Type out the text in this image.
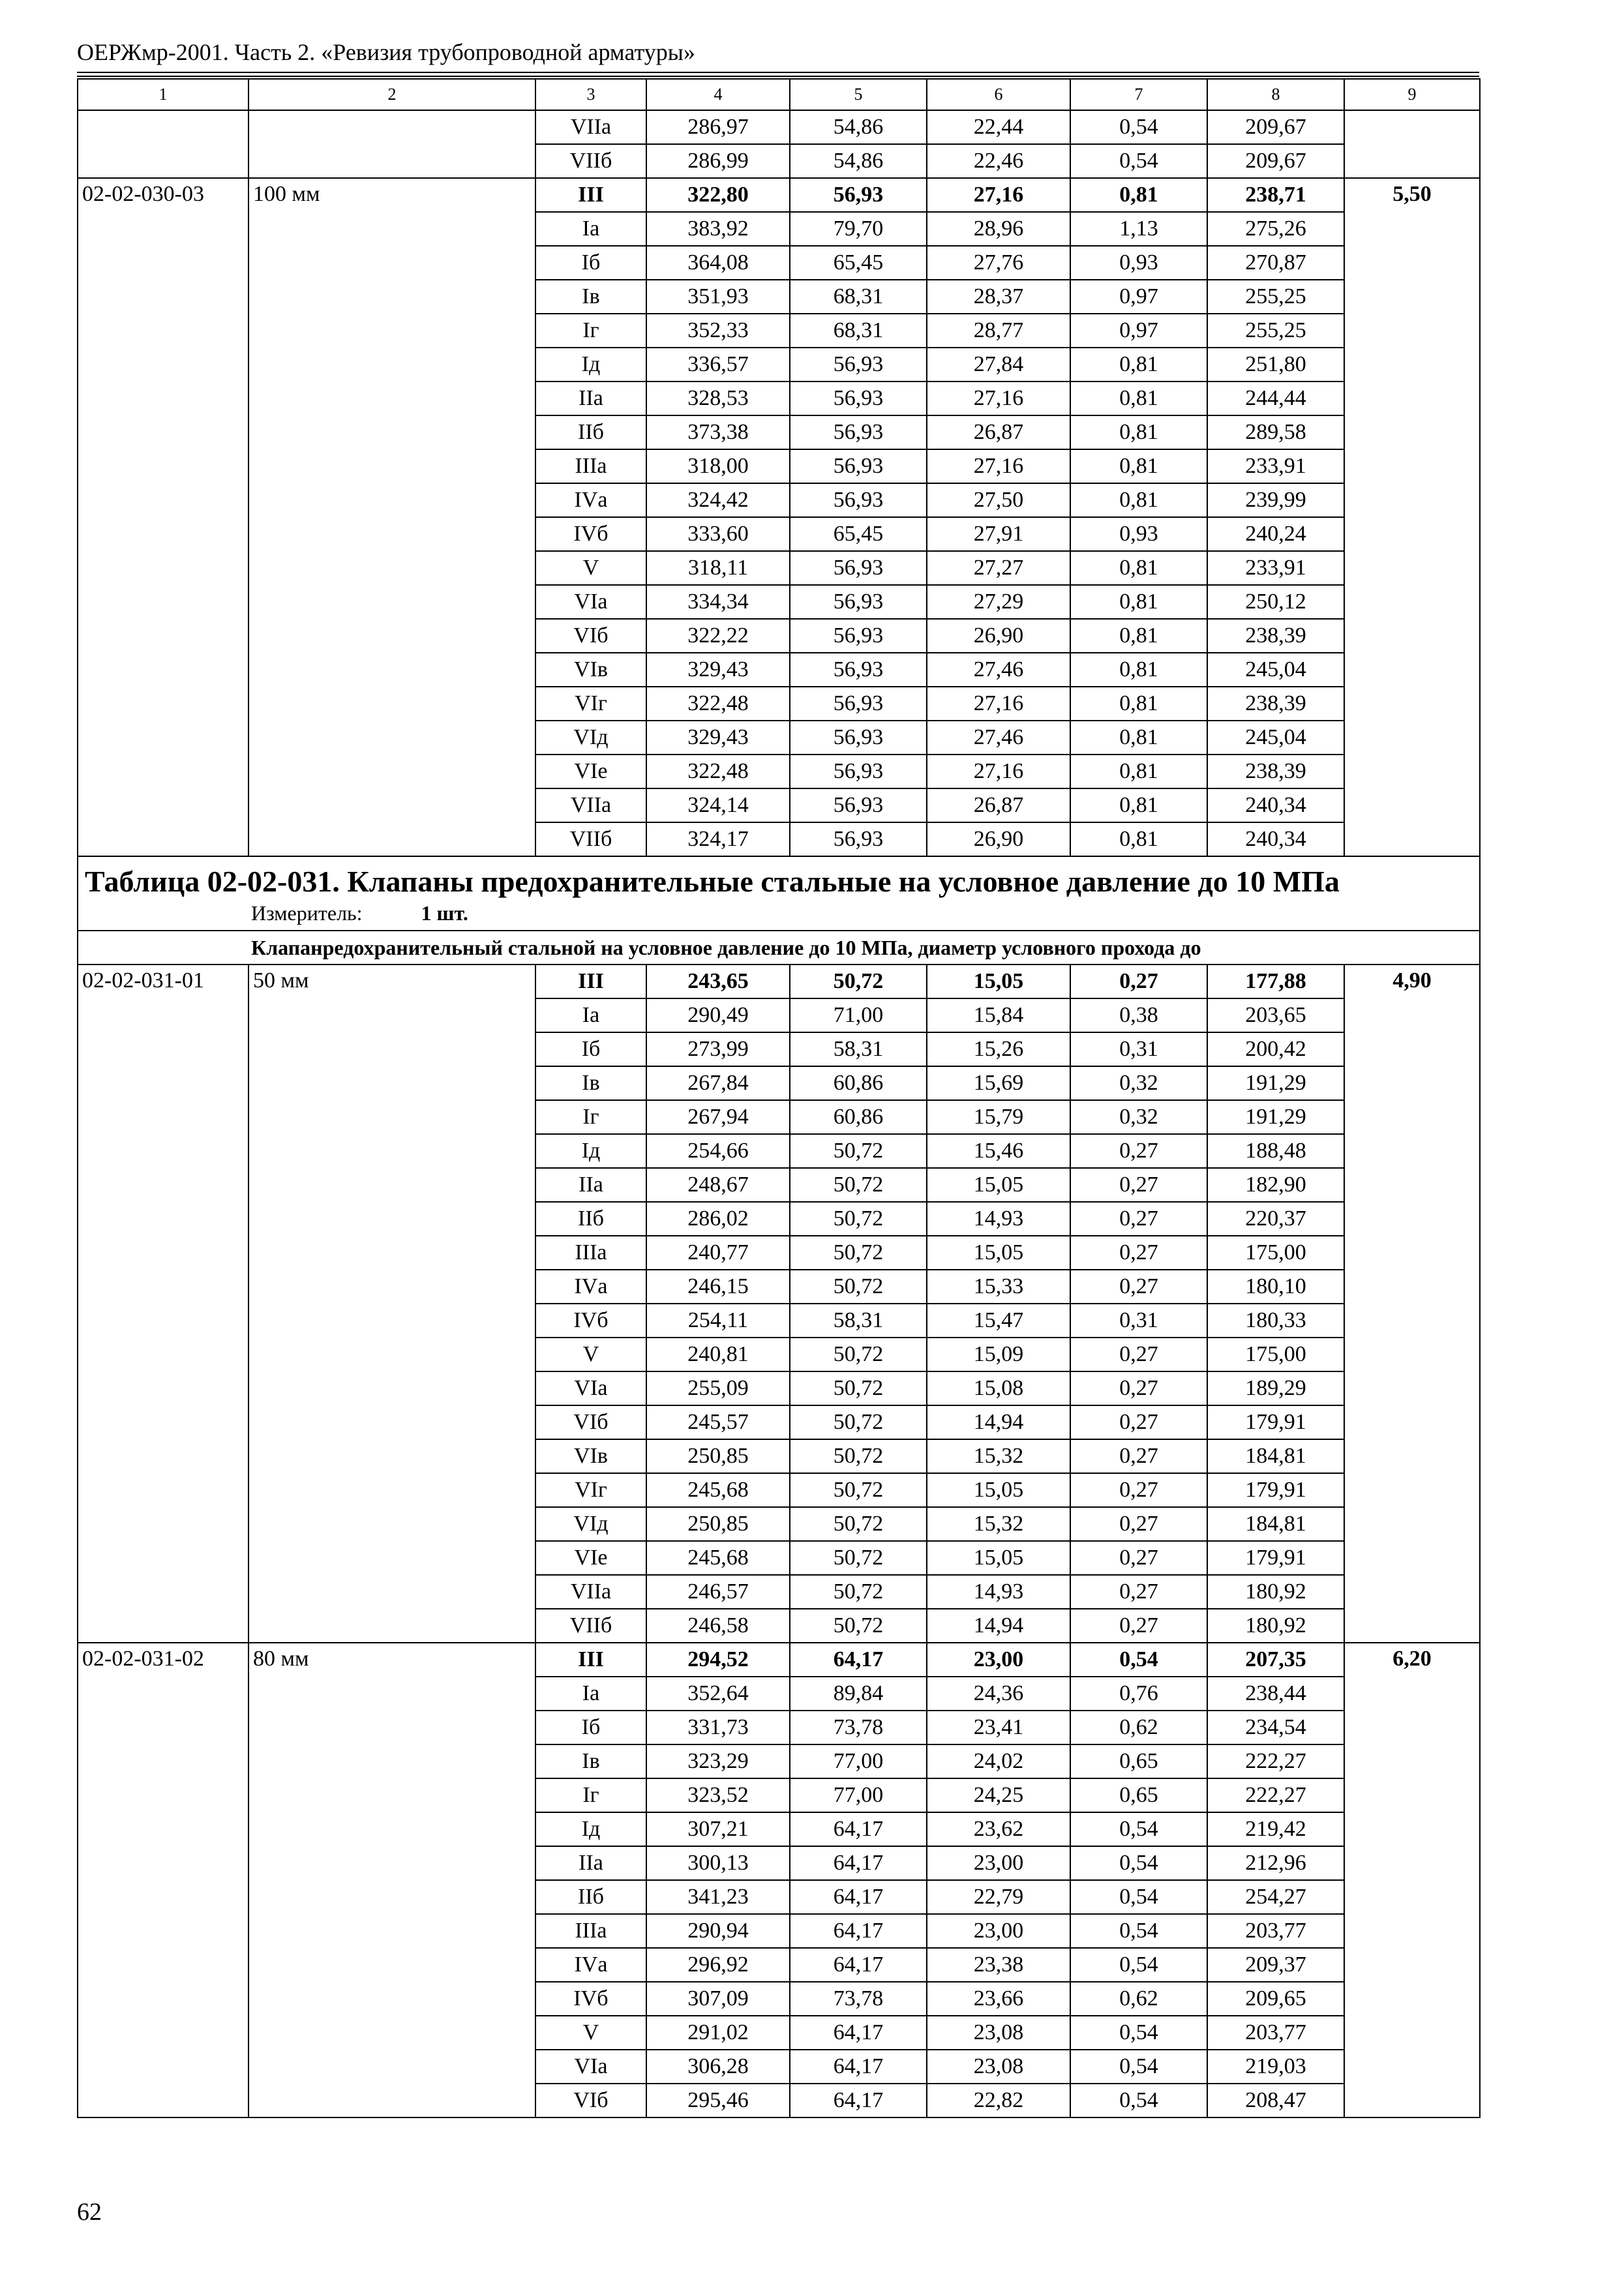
ОЕРЖмр-2001. Часть 2. «Ревизия трубопроводной арматуры»
1	2	3	4	5	6	7	8	9
		VIIа	286,97	54,86	22,44	0,54	209,67	
		VIIб	286,99	54,86	22,46	0,54	209,67	
02-02-030-03	100 мм	III	322,80	56,93	27,16	0,81	238,71	5,50
		Iа	383,92	79,70	28,96	1,13	275,26	
		Iб	364,08	65,45	27,76	0,93	270,87	
		Iв	351,93	68,31	28,37	0,97	255,25	
		Iг	352,33	68,31	28,77	0,97	255,25	
		Iд	336,57	56,93	27,84	0,81	251,80	
		IIа	328,53	56,93	27,16	0,81	244,44	
		IIб	373,38	56,93	26,87	0,81	289,58	
		IIIа	318,00	56,93	27,16	0,81	233,91	
		IVа	324,42	56,93	27,50	0,81	239,99	
		IVб	333,60	65,45	27,91	0,93	240,24	
		V	318,11	56,93	27,27	0,81	233,91	
		VIа	334,34	56,93	27,29	0,81	250,12	
		VIб	322,22	56,93	26,90	0,81	238,39	
		VIв	329,43	56,93	27,46	0,81	245,04	
		VIг	322,48	56,93	27,16	0,81	238,39	
		VIд	329,43	56,93	27,46	0,81	245,04	
		VIе	322,48	56,93	27,16	0,81	238,39	
		VIIа	324,14	56,93	26,87	0,81	240,34	
		VIIб	324,17	56,93	26,90	0,81	240,34	

Таблица 02-02-031. Клапаны предохранительные стальные на условное давление до 10 МПа
Измеритель: 1 шт.								

Клапанредохранительный стальной на условное давление до 10 МПа, диаметр условного прохода до								
02-02-031-01	50 мм	III	243,65	50,72	15,05	0,27	177,88	4,90
		Iа	290,49	71,00	15,84	0,38	203,65	
		Iб	273,99	58,31	15,26	0,31	200,42	
		Iв	267,84	60,86	15,69	0,32	191,29	
		Iг	267,94	60,86	15,79	0,32	191,29	
		Iд	254,66	50,72	15,46	0,27	188,48	
		IIа	248,67	50,72	15,05	0,27	182,90	
		IIб	286,02	50,72	14,93	0,27	220,37	
		IIIа	240,77	50,72	15,05	0,27	175,00	
		IVа	246,15	50,72	15,33	0,27	180,10	
		IVб	254,11	58,31	15,47	0,31	180,33	
		V	240,81	50,72	15,09	0,27	175,00	
		VIа	255,09	50,72	15,08	0,27	189,29	
		VIб	245,57	50,72	14,94	0,27	179,91	
		VIв	250,85	50,72	15,32	0,27	184,81	
		VIг	245,68	50,72	15,05	0,27	179,91	
		VIд	250,85	50,72	15,32	0,27	184,81	
		VIе	245,68	50,72	15,05	0,27	179,91	
		VIIа	246,57	50,72	14,93	0,27	180,92	
		VIIб	246,58	50,72	14,94	0,27	180,92	
02-02-031-02	80 мм	III	294,52	64,17	23,00	0,54	207,35	6,20
		Iа	352,64	89,84	24,36	0,76	238,44	
		Iб	331,73	73,78	23,41	0,62	234,54	
		Iв	323,29	77,00	24,02	0,65	222,27	
		Iг	323,52	77,00	24,25	0,65	222,27	
		Iд	307,21	64,17	23,62	0,54	219,42	
		IIа	300,13	64,17	23,00	0,54	212,96	
		IIб	341,23	64,17	22,79	0,54	254,27	
		IIIа	290,94	64,17	23,00	0,54	203,77	
		IVа	296,92	64,17	23,38	0,54	209,37	
		IVб	307,09	73,78	23,66	0,62	209,65	
		V	291,02	64,17	23,08	0,54	203,77	
		VIа	306,28	64,17	23,08	0,54	219,03	
		VIб	295,46	64,17	22,82	0,54	208,47	
62
